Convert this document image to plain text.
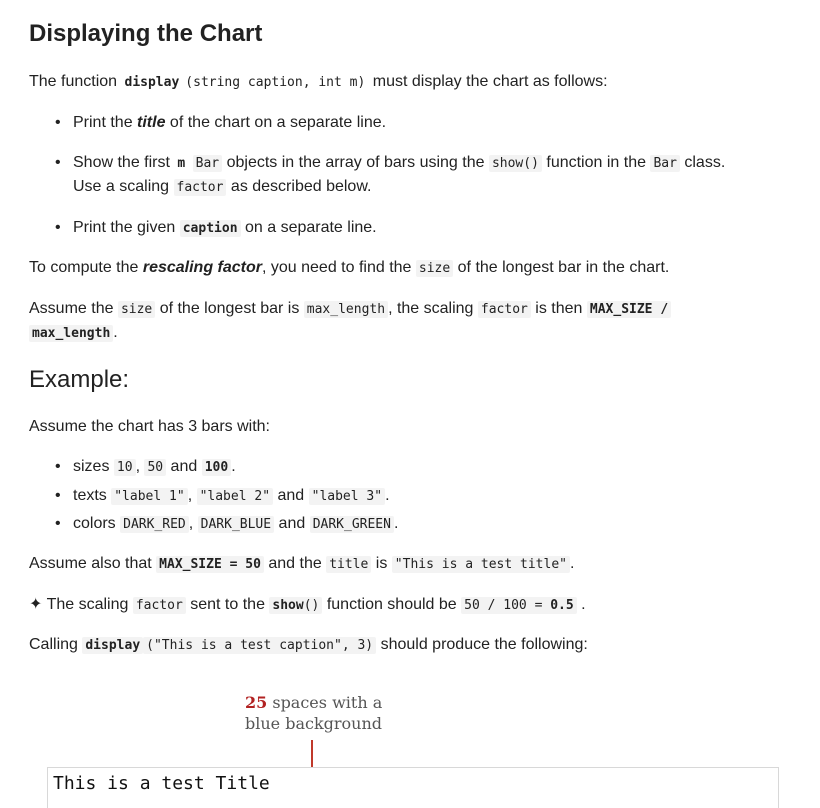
Displaying the Chart
The function display (string caption, int m) must display the chart as follows:
• Print the title of the chart on a separate line.
• Show the first m Bar objects in the array of bars using the show() function in the Bar class.
Use a scaling factor as described below.
• Print the given caption on a separate line.
To compute the rescaling factor, you need to find the size of the longest bar in the chart.
Assume the size of the longest bar is max_length , the scaling factor is then MAX_SIZE /
max_length .
Example:
Assume the chart has 3 bars with:
• sizes 10 , 50 and 100 .
• texts "label 1" , "label 2" and "label 3" .
• colors DARK_RED , DARK_BLUE and DARK_GREEN .
Assume also that MAX_SIZE = 50 and the title is "This is a test title" .
✦ The scaling factor sent to the show() function should be 50 / 100 = 0.5 .
Calling display ("This is a test caption", 3) should produce the following:
25 spaces with a
blue background
This is a test Title
